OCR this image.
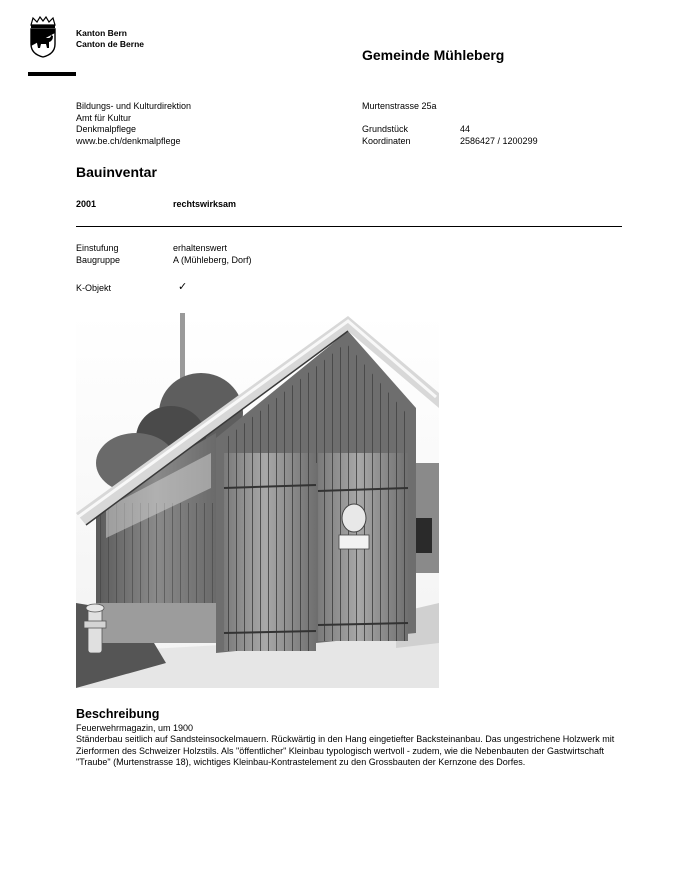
Kanton Bern
Canton de Berne
Gemeinde Mühleberg
Bildungs- und Kulturdirektion
Amt für Kultur
Denkmalpflege
www.be.ch/denkmalpflege
Murtenstrasse 25a
Grundstück	44
Koordinaten	2586427 / 1200299
Bauinventar
2001	rechtswirksam
Einstufung	erhaltenswert
Baugruppe	A (Mühleberg, Dorf)
K-Objekt	✓
Beschreibung
Feuerwehrmagazin, um 1900
Ständerbau seitlich auf Sandsteinsockelmauern. Rückwärtig in den Hang eingetiefter Backsteinanbau. Das ungestrichene Holzwerk mit Zierformen des Schweizer Holzstils. Als "öffentlicher" Kleinbau typologisch wertvoll - zudem, wie die Nebenbauten der Gastwirtschaft "Traube" (Murtenstrasse 18), wichtiges Kleinbau-Kontrastelement zu den Grossbauten der Kernzone des Dorfes.
